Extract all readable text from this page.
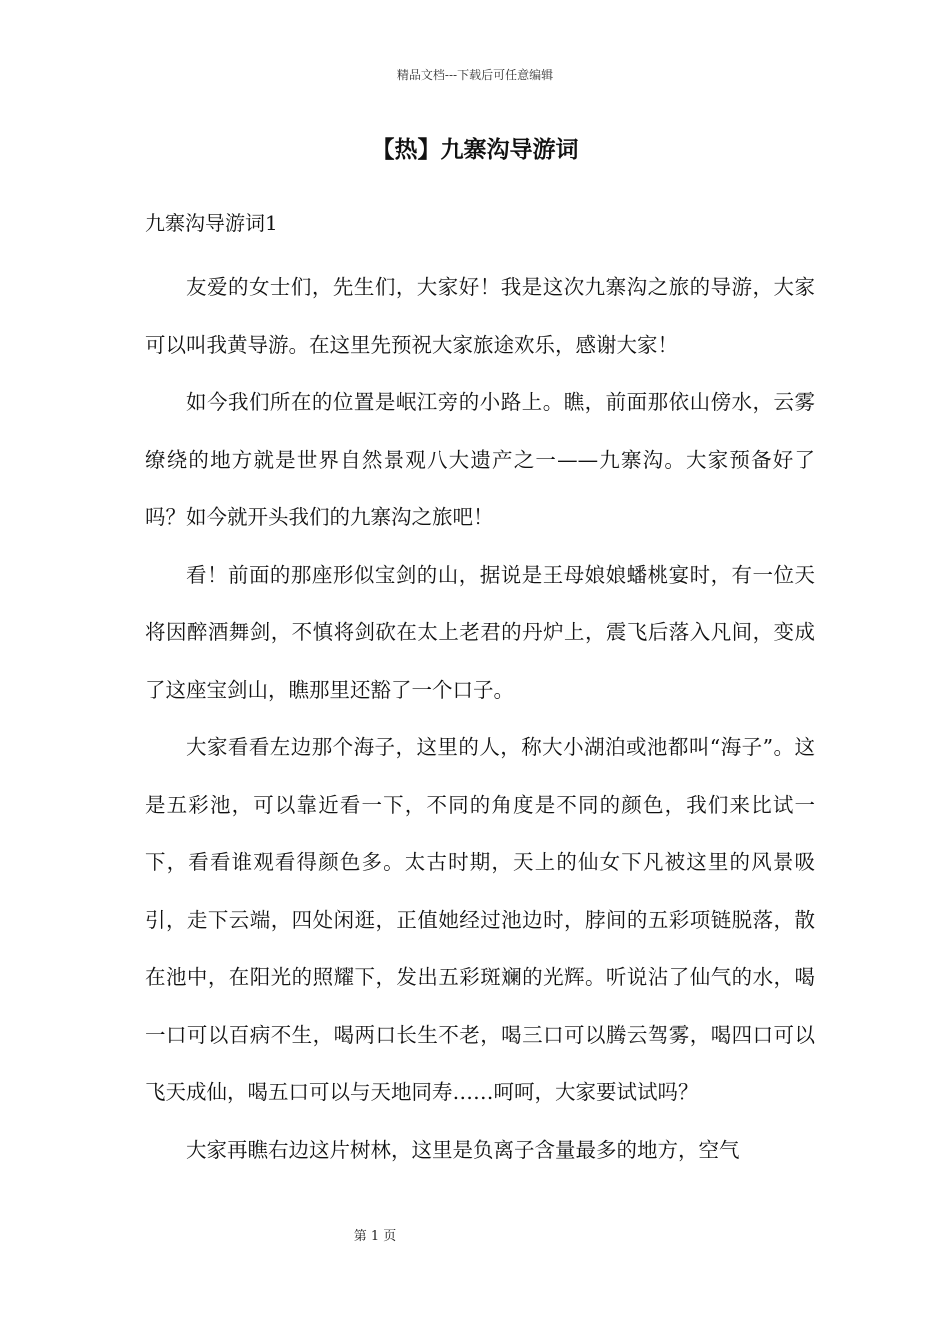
精品文档---下载后可任意编辑
【热】九寨沟导游词
九寨沟导游词1

友爱的女士们，先生们，大家好！我是这次九寨沟之旅的导游，大家可以叫我黄导游。在这里先预祝大家旅途欢乐，感谢大家！

如今我们所在的位置是岷江旁的小路上。瞧，前面那依山傍水，云雾缭绕的地方就是世界自然景观八大遗产之一——九寨沟。大家预备好了吗？如今就开头我们的九寨沟之旅吧！

看！前面的那座形似宝剑的山，据说是王母娘娘蟠桃宴时，有一位天将因醉酒舞剑，不慎将剑砍在太上老君的丹炉上，震飞后落入凡间，变成了这座宝剑山，瞧那里还豁了一个口子。

大家看看左边那个海子，这里的人，称大小湖泊或池都叫“海子”。这是五彩池，可以靠近看一下，不同的角度是不同的颜色，我们来比试一下，看看谁观看得颜色多。太古时期，天上的仙女下凡被这里的风景吸引，走下云端，四处闲逛，正值她经过池边时，脖间的五彩项链脱落，散在池中，在阳光的照耀下，发出五彩斑斓的光辉。听说沾了仙气的水，喝一口可以百病不生，喝两口长生不老，喝三口可以腾云驾雾，喝四口可以飞天成仙，喝五口可以与天地同寿……呵呵，大家要试试吗？

大家再瞧右边这片树林，这里是负离子含量最多的地方，空气

第 1 页
